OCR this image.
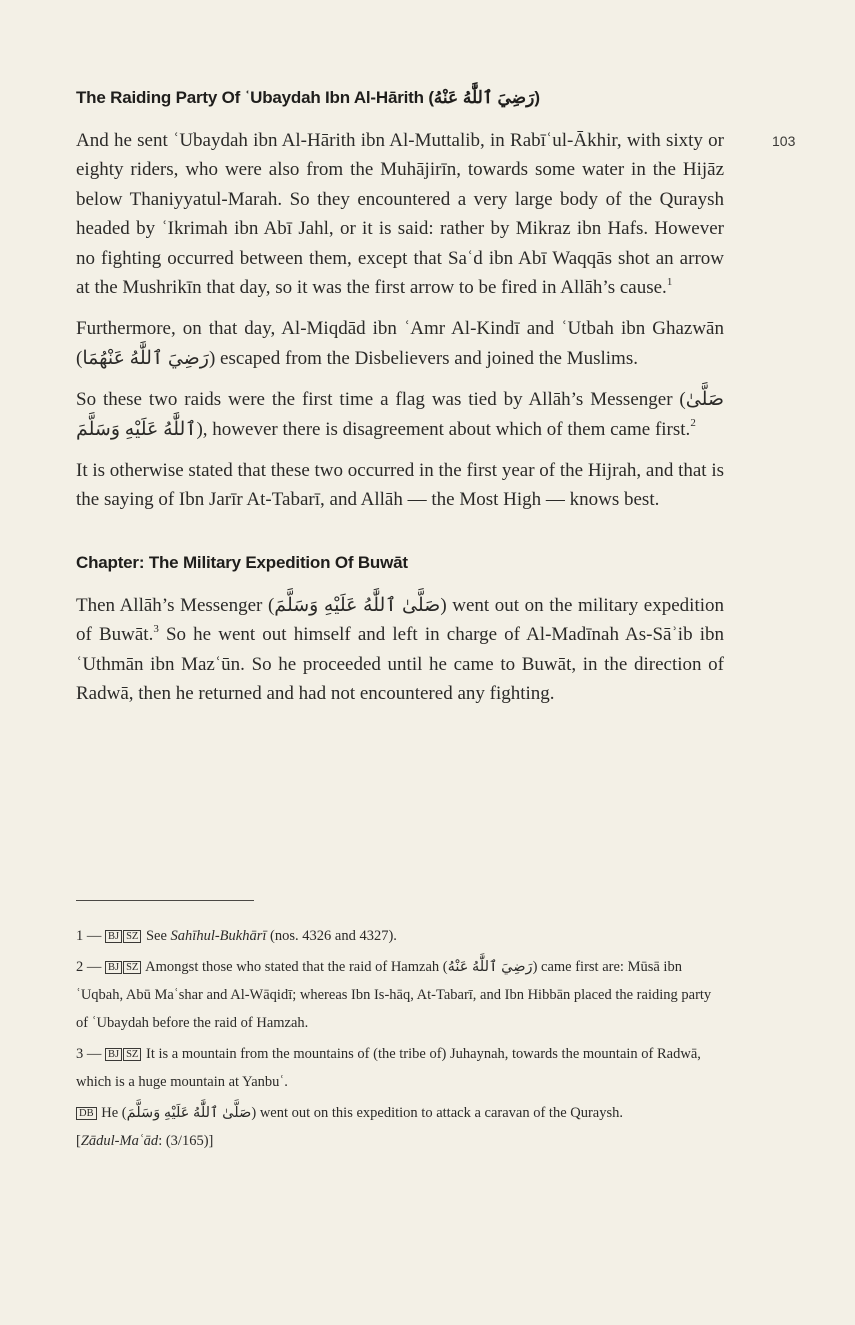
103
The Raiding Party Of ʿUbaydah Ibn Al-Hārith (رَضِيَ ٱللَّٰهُ عَنْهُ)

And he sent ʿUbaydah ibn Al-Hārith ibn Al-Muttalib, in Rabīʿul-Ākhir, with sixty or eighty riders, who were also from the Muhājirīn, towards some water in the Hijāz below Thaniyyatul-Marah. So they encountered a very large body of the Quraysh headed by ʿIkrimah ibn Abī Jahl, or it is said: rather by Mikraz ibn Hafs. However no fighting occurred between them, except that Saʿd ibn Abī Waqqās shot an arrow at the Mushrikīn that day, so it was the first arrow to be fired in Allāh’s cause.$^1$

Furthermore, on that day, Al-Miqdād ibn ʿAmr Al-Kindī and ʿUtbah ibn Ghazwān (رَضِيَ ٱللَّٰهُ عَنْهُمَا) escaped from the Disbelievers and joined the Muslims.

So these two raids were the first time a flag was tied by Allāh’s Messenger (صَلَّىٰ ٱللَّٰهُ عَلَيْهِ وَسَلَّمَ), however there is disagreement about which of them came first.$^2$

It is otherwise stated that these two occurred in the first year of the Hijrah, and that is the saying of Ibn Jarīr At-Tabarī, and Allāh — the Most High — knows best.

Chapter: The Military Expedition Of Buwāt

Then Allāh’s Messenger (صَلَّىٰ ٱللَّٰهُ عَلَيْهِ وَسَلَّمَ) went out on the military expedition of Buwāt.$^3$ So he went out himself and left in charge of Al-Madīnah As-Sāʾib ibn ʿUthmān ibn Mazʿūn. So he proceeded until he came to Buwāt, in the direction of Radwā, then he returned and had not encountered any fighting.

1 — BJ SZ See Sahīhul-Bukhārī (nos. 4326 and 4327).

2 — BJ SZ Amongst those who stated that the raid of Hamzah (رَضِيَ ٱللَّٰهُ عَنْهُ) came first are: Mūsā ibn ʿUqbah, Abū Maʿshar and Al-Wāqidī; whereas Ibn Is-hāq, At-Tabarī, and Ibn Hibbān placed the raiding party of ʿUbaydah before the raid of Hamzah.

3 — BJ SZ It is a mountain from the mountains of (the tribe of) Juhaynah, towards the mountain of Radwā, which is a huge mountain at Yanbuʿ.

DB He (صَلَّىٰ ٱللَّٰهُ عَلَيْهِ وَسَلَّمَ) went out on this expedition to attack a caravan of the Quraysh.
[Zādul-Maʿād: (3/165)]
